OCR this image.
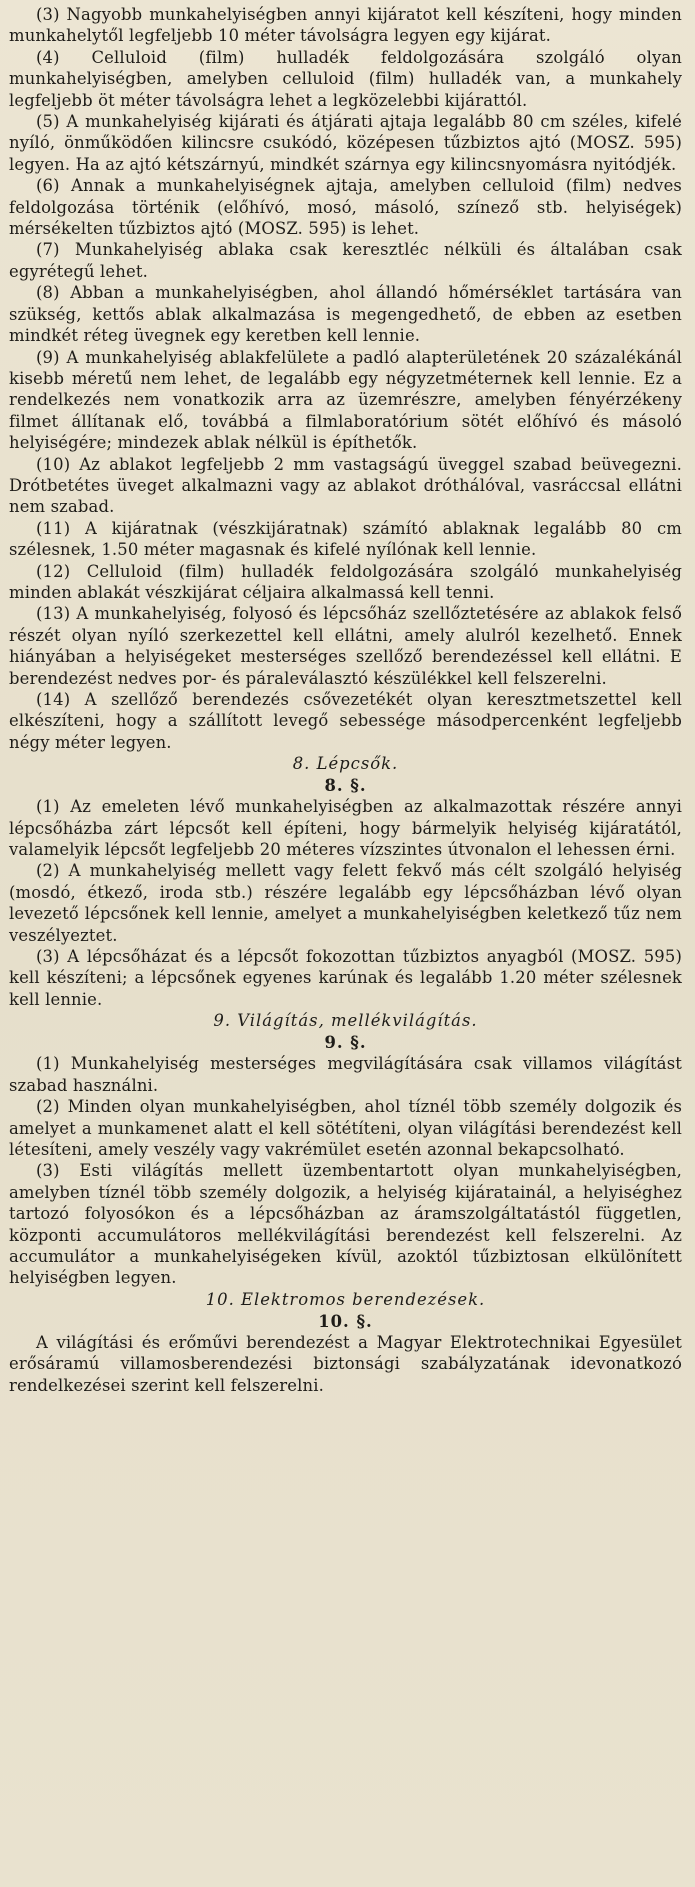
(3) Nagyobb munkahelyiségben annyi kijáratot kell készíteni, hogy minden munkahelytől legfeljebb 10 méter távolságra legyen egy kijárat.

(4) Celluloid (film) hulladék feldolgozására szolgáló olyan munkahelyiségben, amelyben celluloid (film) hulladék van, a munkahely legfeljebb öt méter távolságra lehet a legközelebbi kijárattól.

(5) A munkahelyiség kijárati és átjárati ajtaja legalább 80 cm széles, kifelé nyíló, önműködően kilincsre csukódó, középesen tűzbiztos ajtó (MOSZ. 595) legyen. Ha az ajtó kétszárnyú, mindkét szárnya egy kilincsnyomásra nyitódjék.

(6) Annak a munkahelyiségnek ajtaja, amelyben celluloid (film) nedves feldolgozása történik (előhívó, mosó, másoló, színező stb. helyiségek) mérsékelten tűzbiztos ajtó (MOSZ. 595) is lehet.

(7) Munkahelyiség ablaka csak keresztléc nélküli és általában csak egyrétegű lehet.

(8) Abban a munkahelyiségben, ahol állandó hőmérséklet tartására van szükség, kettős ablak alkalmazása is megengedhető, de ebben az esetben mindkét réteg üvegnek egy keretben kell lennie.

(9) A munkahelyiség ablakfelülete a padló alapterületének 20 százalékánál kisebb méretű nem lehet, de legalább egy négyzetméternek kell lennie. Ez a rendelkezés nem vonatkozik arra az üzemrészre, amelyben fényérzékeny filmet állítanak elő, továbbá a filmlaboratórium sötét előhívó és másoló helyiségére; mindezek ablak nélkül is építhetők.

(10) Az ablakot legfeljebb 2 mm vastagságú üveggel szabad beüvegezni. Drótbetétes üveget alkalmazni vagy az ablakot dróthálóval, vasráccsal ellátni nem szabad.

(11) A kijáratnak (vészkijáratnak) számító ablaknak legalább 80 cm szélesnek, 1.50 méter magasnak és kifelé nyílónak kell lennie.

(12) Celluloid (film) hulladék feldolgozására szolgáló munkahelyiség minden ablakát vészkijárat céljaira alkalmassá kell tenni.

(13) A munkahelyiség, folyosó és lépcsőház szellőztetésére az ablakok felső részét olyan nyíló szerkezettel kell ellátni, amely alulról kezelhető. Ennek hiányában a helyiségeket mesterséges szellőző berendezéssel kell ellátni. E berendezést nedves por- és páraleválasztó készülékkel kell felszerelni.

(14) A szellőző berendezés csővezetékét olyan keresztmetszettel kell elkészíteni, hogy a szállított levegő sebessége másodpercenként legfeljebb négy méter legyen.

8. Lépcsők.

8. §.

(1) Az emeleten lévő munkahelyiségben az alkalmazottak részére annyi lépcsőházba zárt lépcsőt kell építeni, hogy bármelyik helyiség kijáratától, valamelyik lépcsőt legfeljebb 20 méteres vízszintes útvonalon el lehessen érni.

(2) A munkahelyiség mellett vagy felett fekvő más célt szolgáló helyiség (mosdó, étkező, iroda stb.) részére legalább egy lépcsőházban lévő olyan levezető lépcsőnek kell lennie, amelyet a munkahelyiségben keletkező tűz nem veszélyeztet.

(3) A lépcsőházat és a lépcsőt fokozottan tűzbiztos anyagból (MOSZ. 595) kell készíteni; a lépcsőnek egyenes karúnak és legalább 1.20 méter szélesnek kell lennie.

9. Világítás, mellékvilágítás.

9. §.

(1) Munkahelyiség mesterséges megvilágítására csak villamos világítást szabad használni.

(2) Minden olyan munkahelyiségben, ahol tíznél több személy dolgozik és amelyet a munkamenet alatt el kell sötétíteni, olyan világítási berendezést kell létesíteni, amely veszély vagy vakrémület esetén azonnal bekapcsolható.

(3) Esti világítás mellett üzembentartott olyan munkahelyiségben, amelyben tíznél több személy dolgozik, a helyiség kijáratainál, a helyiséghez tartozó folyosókon és a lépcsőházban az áramszolgáltatástól független, központi accumulátoros mellékvilágítási berendezést kell felszerelni. Az accumulátor a munkahelyiségeken kívül, azoktól tűzbiztosan elkülönített helyiségben legyen.

10. Elektromos berendezések.

10. §.

A világítási és erőművi berendezést a Magyar Elektrotechnikai Egyesület erősáramú villamosberendezési biztonsági szabályzatának idevonatkozó rendelkezései szerint kell felszerelni.
